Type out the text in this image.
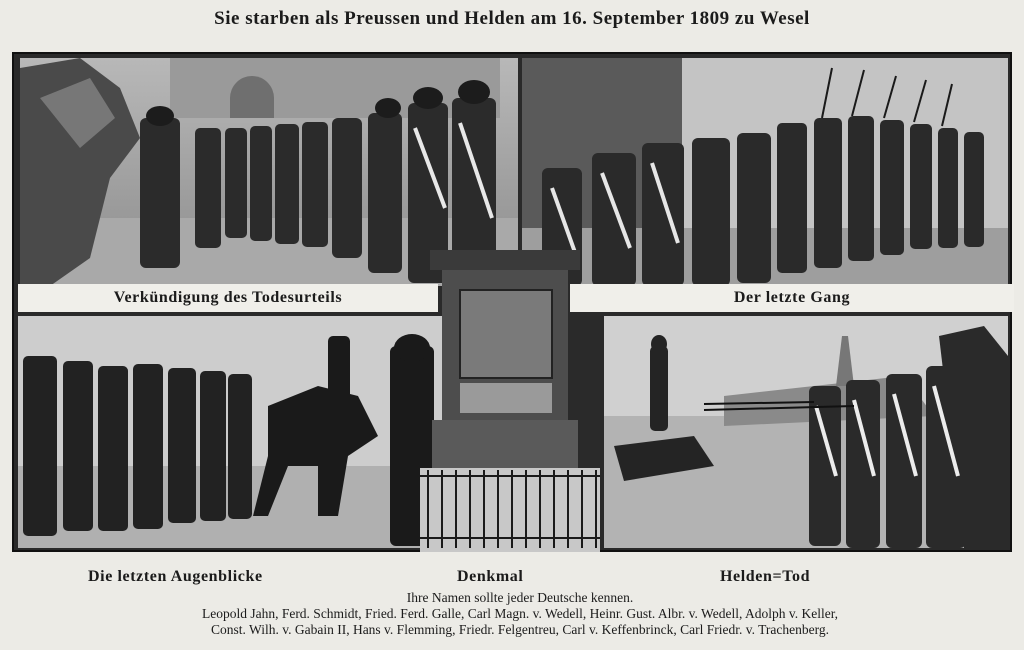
Sie starben als Preussen und Helden am 16. September 1809 zu Wesel
Verkündigung des Todesurteils	Der letzte Gang
Die letzten Augenblicke	Denkmal	Helden=Tod
Ihre Namen sollte jeder Deutsche kennen.
Leopold Jahn, Ferd. Schmidt, Fried. Ferd. Galle, Carl Magn. v. Wedell, Heinr. Gust. Albr. v. Wedell, Adolph v. Keller,
Const. Wilh. v. Gabain II, Hans v. Flemming, Friedr. Felgentreu, Carl v. Keffenbrinck, Carl Friedr. v. Trachenberg.
